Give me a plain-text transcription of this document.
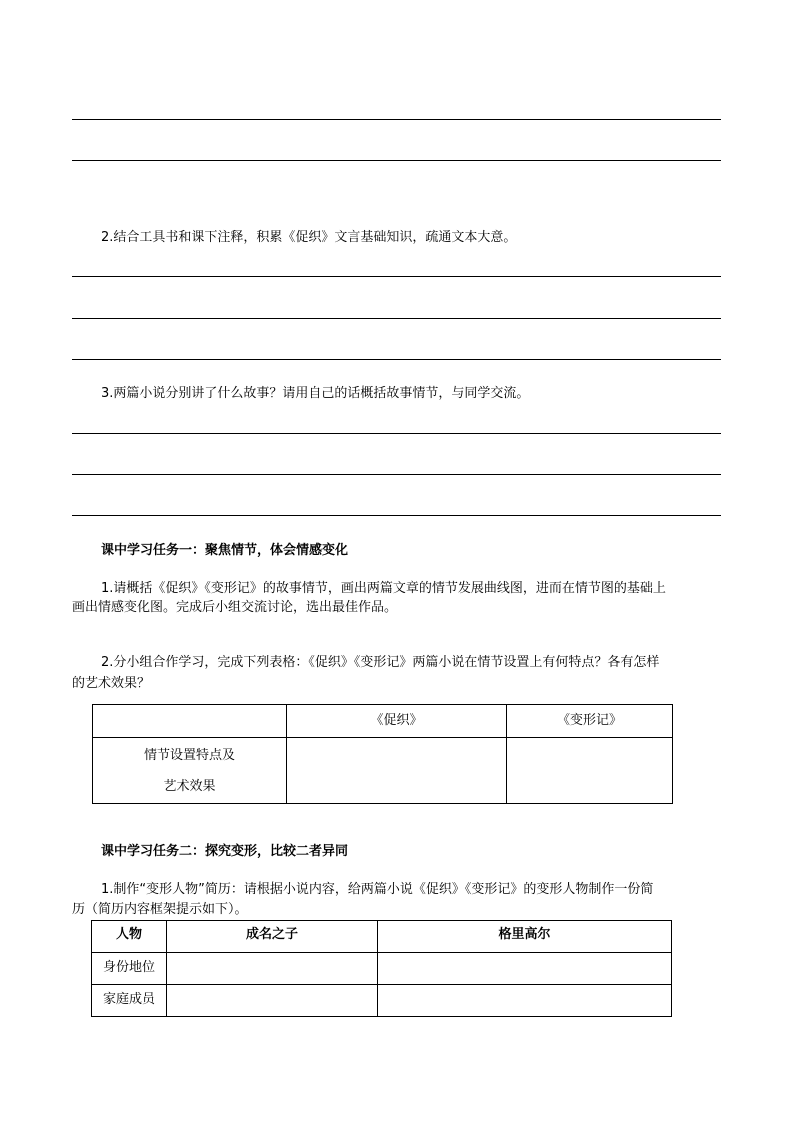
2.结合工具书和课下注释，积累《促织》文言基础知识，疏通文本大意。
3.两篇小说分别讲了什么故事？请用自己的话概括故事情节，与同学交流。
课中学习任务一：聚焦情节，体会情感变化
1.请概括《促织》《变形记》的故事情节，画出两篇文章的情节发展曲线图，进而在情节图的基础上
画出情感变化图。完成后小组交流讨论，选出最佳作品。
2.分小组合作学习，完成下列表格：《促织》《变形记》两篇小说在情节设置上有何特点？各有怎样
的艺术效果？
	《促织》	《变形记》

情节设置特点及
艺术效果		

课中学习任务二：探究变形，比较二者异同
1.制作“变形人物”简历：请根据小说内容，给两篇小说《促织》《变形记》的变形人物制作一份简
历（简历内容框架提示如下）。
人物	成名之子	格里高尔
身份地位		
家庭成员		
